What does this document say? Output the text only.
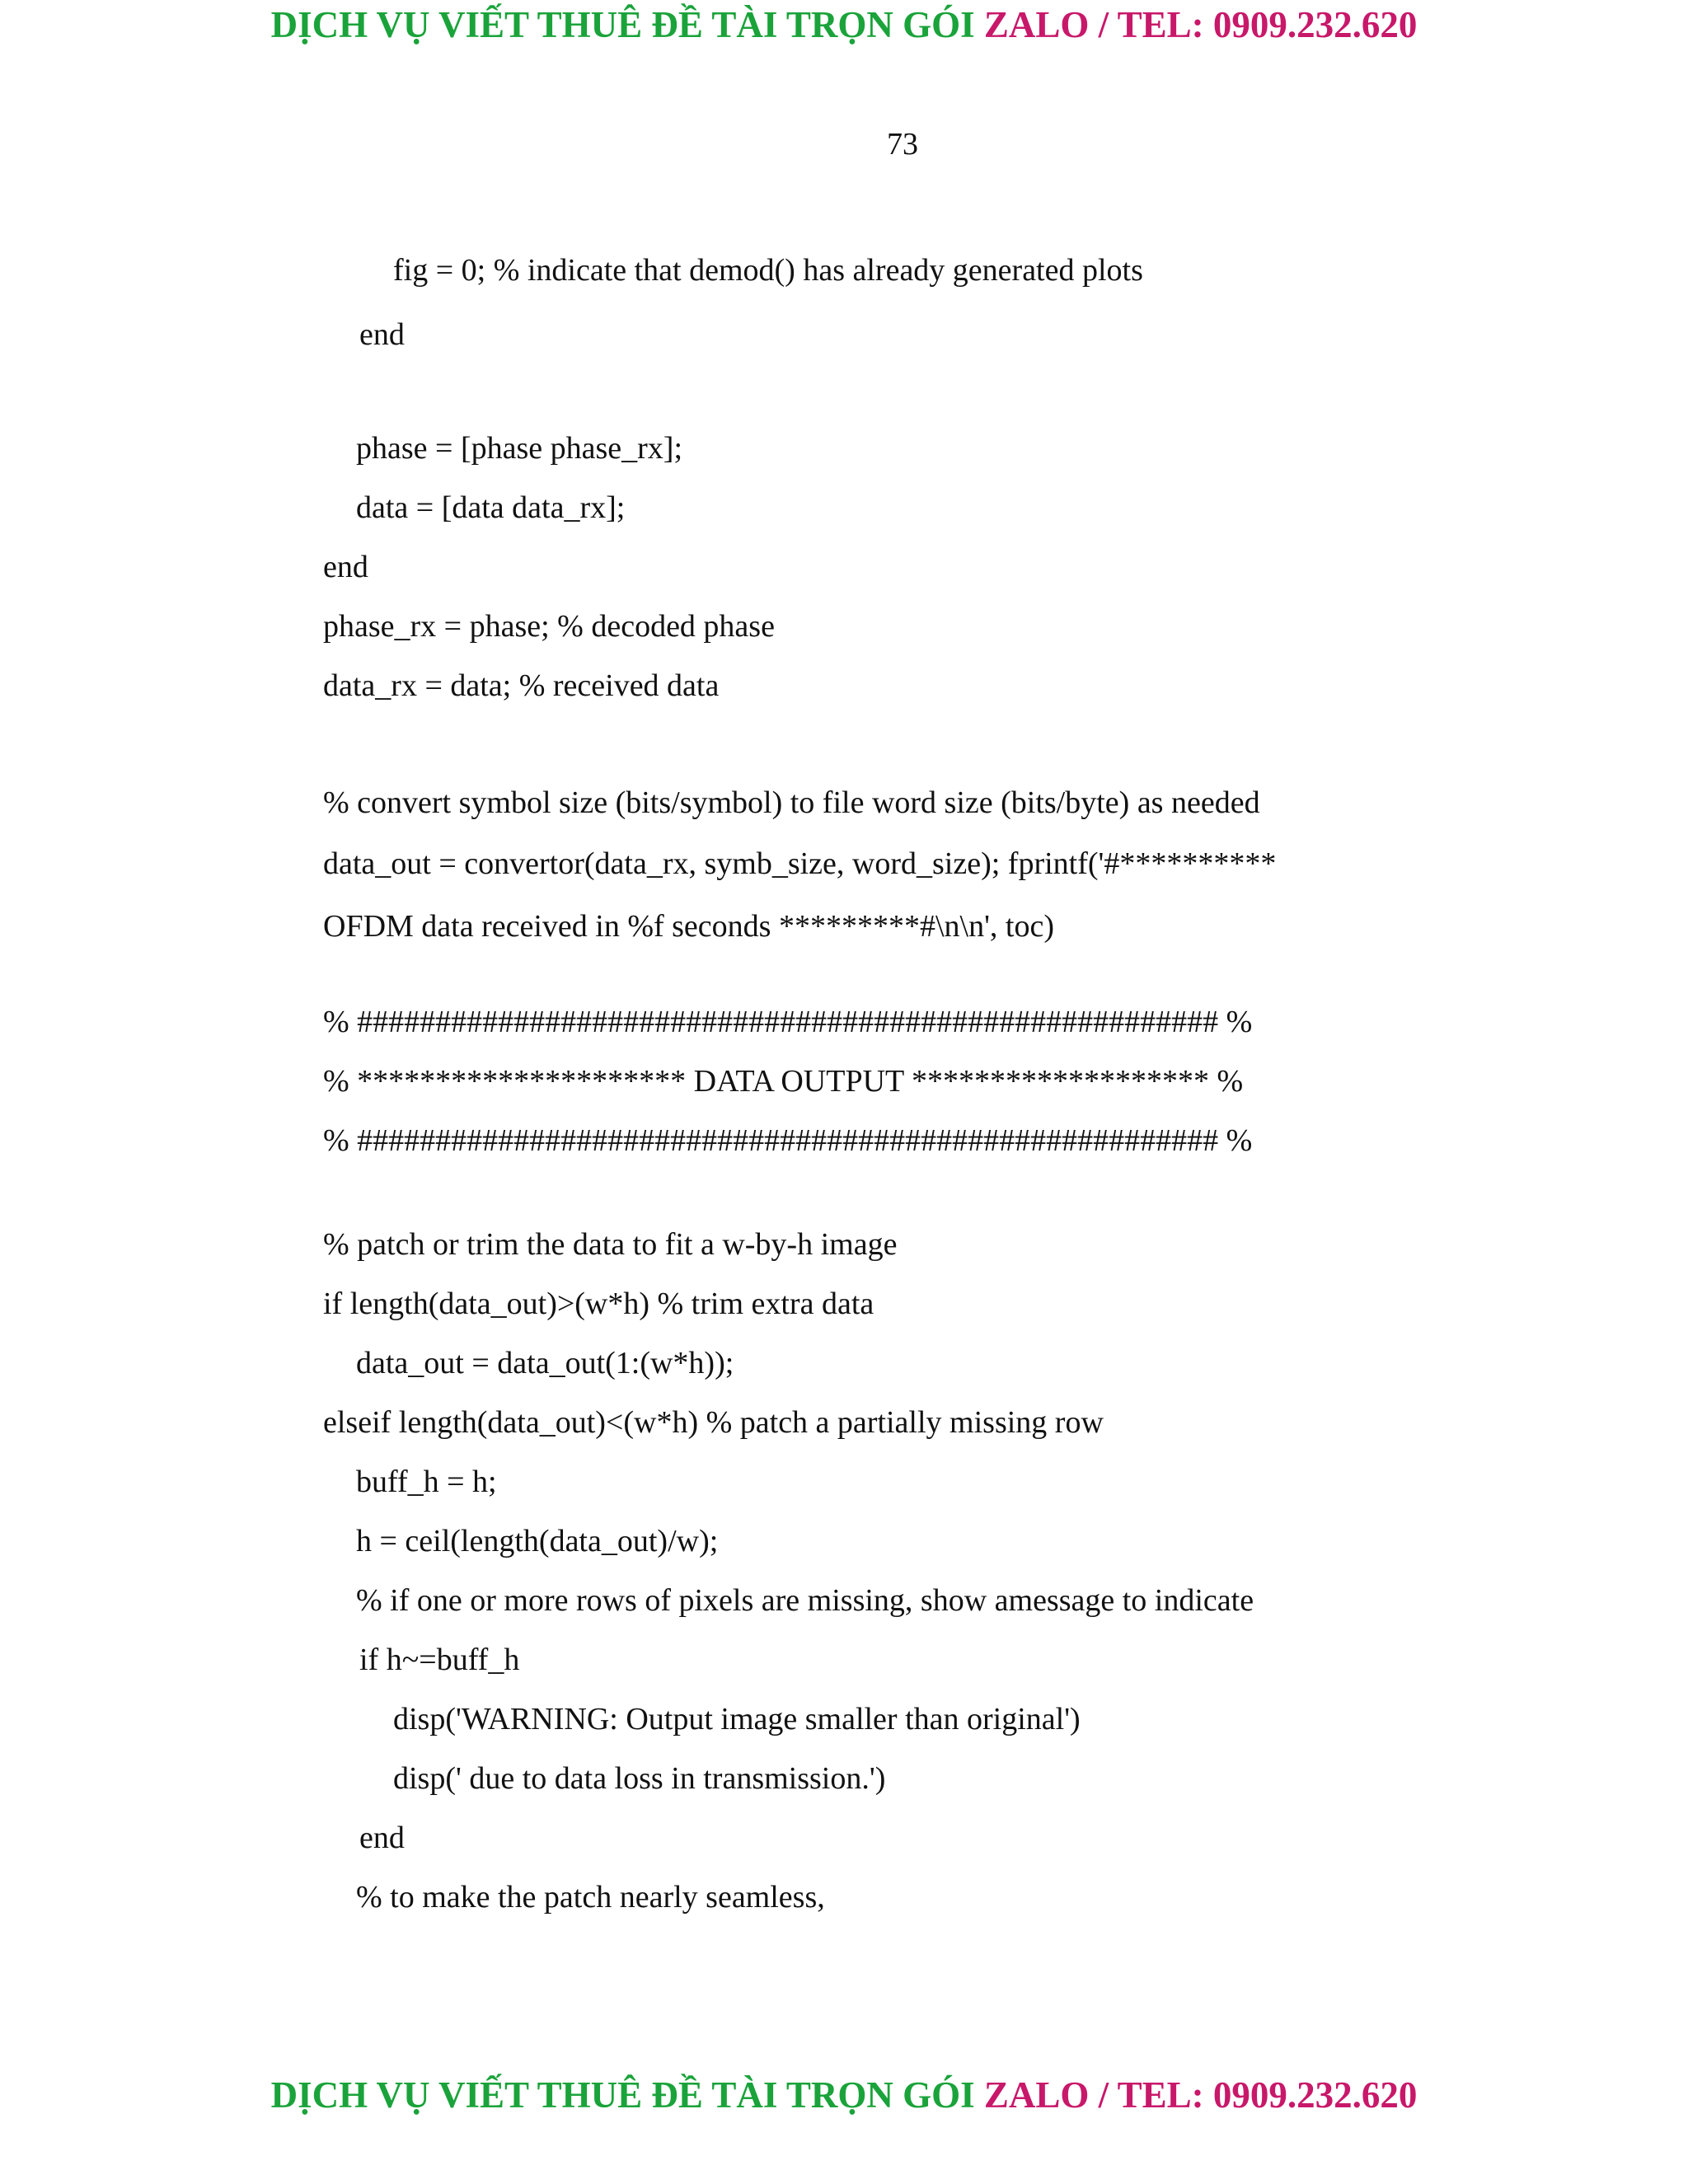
DỊCH VỤ VIẾT THUÊ ĐỀ TÀI TRỌN GÓI ZALO / TEL: 0909.232.620
73
fig = 0; % indicate that demod() has already generated plots
end
phase = [phase phase_rx];
data = [data data_rx];
end
phase_rx = phase; % decoded phase
data_rx = data; % received data
% convert symbol size (bits/symbol) to file word size (bits/byte) as needed
data_out = convertor(data_rx, symb_size, word_size); fprintf('#**********
OFDM data received in %f seconds *********#\n\n', toc)
% ####################################################### %
% ********************* DATA OUTPUT ******************* %
% ####################################################### %
% patch or trim the data to fit a w-by-h image
if length(data_out)>(w*h) % trim extra data
data_out = data_out(1:(w*h));
elseif length(data_out)<(w*h) % patch a partially missing row
buff_h = h;
h = ceil(length(data_out)/w);
% if one or more rows of pixels are missing, show amessage to indicate
if h~=buff_h
disp('WARNING: Output image smaller than original')
disp(' due to data loss in transmission.')
end
% to make the patch nearly seamless,
DỊCH VỤ VIẾT THUÊ ĐỀ TÀI TRỌN GÓI ZALO / TEL: 0909.232.620
